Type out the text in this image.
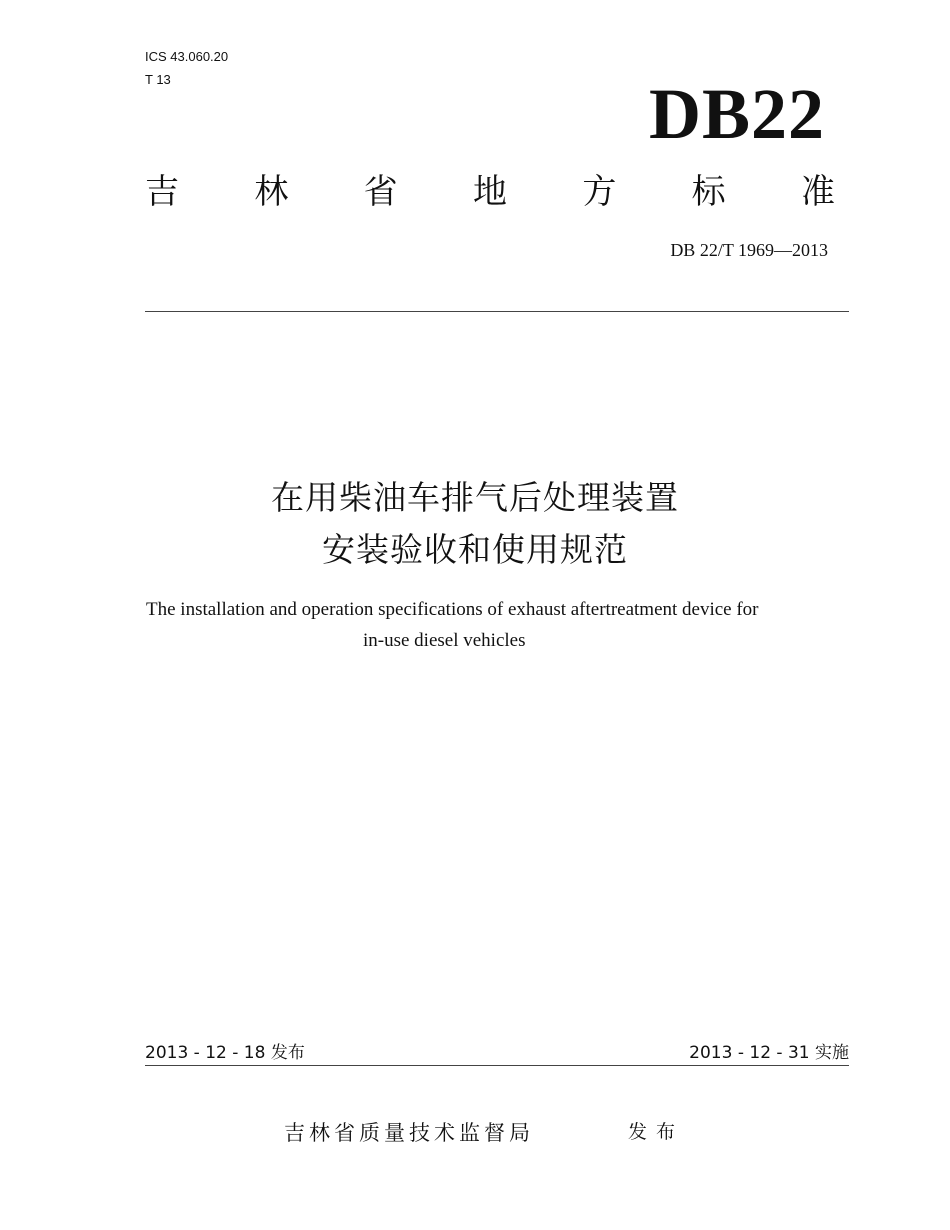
ICS 43.060.20
T 13	DB22
吉 林 省 地 方 标 准
DB 22/T 1969—2013
在用柴油车排气后处理装置
安装验收和使用规范
The installation and operation specifications of exhaust aftertreatment device for
in-use diesel vehicles
2013 - 12 - 18 发布	2013 - 12 - 31 实施
吉林省质量技术监督局	发布
